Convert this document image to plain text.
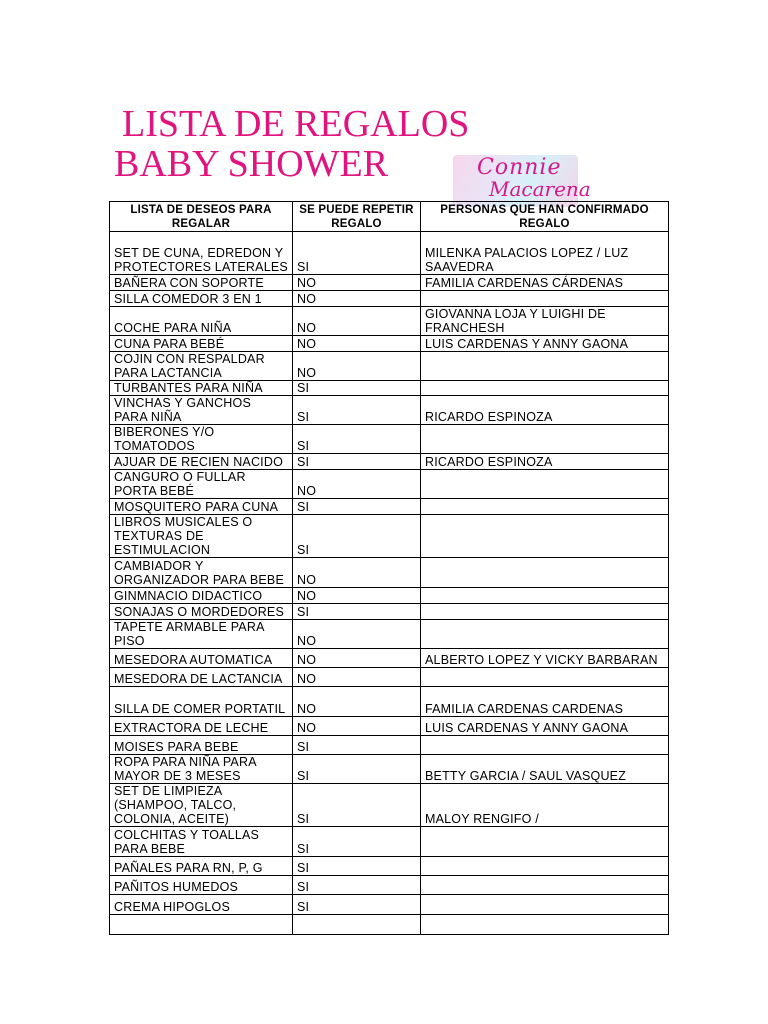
LISTA DE REGALOS
BABY SHOWER	Connie
Macarena
LISTA DE DESEOS PARA REGALAR	SE PUEDE REPETIR REGALO	PERSONAS QUE HAN CONFIRMADO REGALO
SET DE CUNA, EDREDON Y PROTECTORES LATERALES	SI	MILENKA PALACIOS LOPEZ / LUZ SAAVEDRA
BAÑERA CON SOPORTE	NO	FAMILIA CARDENAS CÁRDENAS
SILLA COMEDOR 3 EN 1	NO	
COCHE PARA NIÑA	NO	GIOVANNA LOJA Y LUIGHI DE FRANCHESH
CUNA PARA BEBÉ	NO	LUIS CARDENAS Y ANNY GAONA
COJIN CON RESPALDAR PARA LACTANCIA	NO	
TURBANTES PARA NIÑA	SI	
VINCHAS Y GANCHOS PARA NIÑA	SI	RICARDO ESPINOZA
BIBERONES Y/O TOMATODOS	SI	
AJUAR DE RECIEN NACIDO	SI	RICARDO ESPINOZA
CANGURO O FULLAR PORTA BEBÉ	NO	
MOSQUITERO PARA CUNA	SI	
LIBROS MUSICALES O TEXTURAS DE ESTIMULACION	SI	
CAMBIADOR Y ORGANIZADOR PARA BEBE	NO	
GINMNACIO DIDACTICO	NO	
SONAJAS O MORDEDORES	SI	
TAPETE ARMABLE PARA PISO	NO	
MESEDORA AUTOMATICA	NO	ALBERTO LOPEZ Y VICKY BARBARAN
MESEDORA DE LACTANCIA	NO	
SILLA DE COMER PORTATIL	NO	FAMILIA CARDENAS CARDENAS
EXTRACTORA DE LECHE	NO	LUIS CARDENAS Y ANNY GAONA
MOISES PARA BEBE	SI	
ROPA PARA NIÑA PARA MAYOR DE 3 MESES	SI	BETTY GARCIA / SAUL VASQUEZ
SET DE LIMPIEZA (SHAMPOO, TALCO, COLONIA, ACEITE)	SI	MALOY RENGIFO /
COLCHITAS Y TOALLAS PARA BEBE	SI	
PAÑALES PARA RN, P, G	SI	
PAÑITOS HUMEDOS	SI	
CREMA HIPOGLOS	SI	
